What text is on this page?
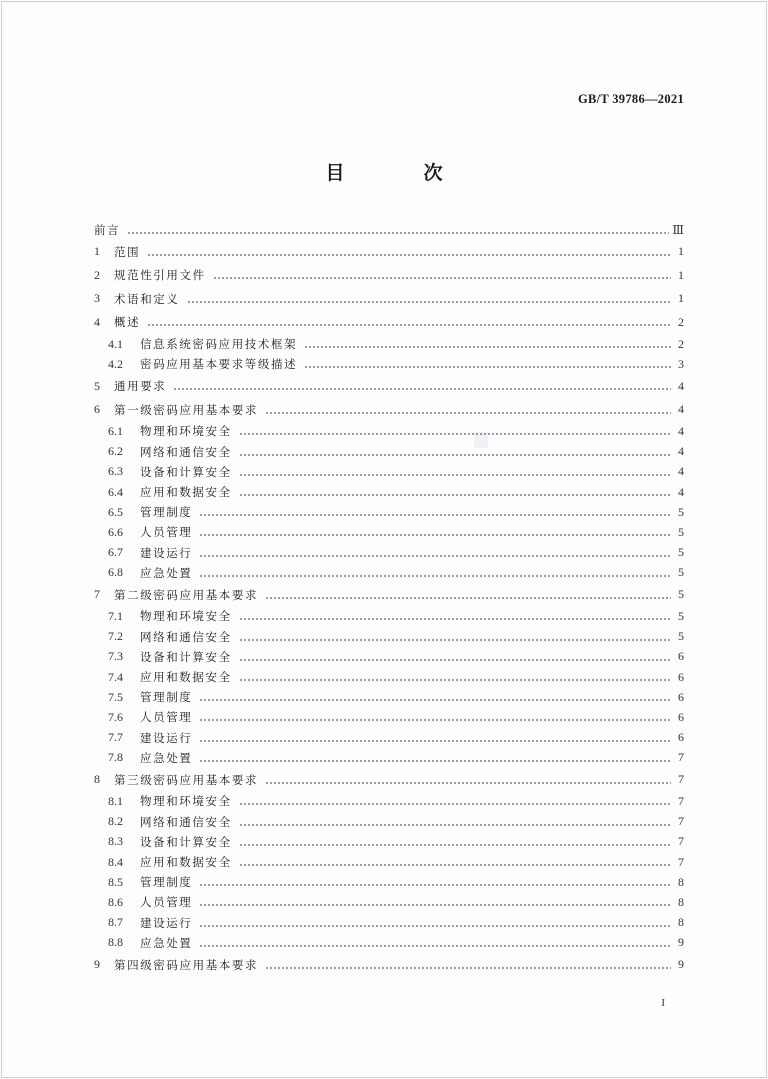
GB/T 39786—2021
目　次
前言	Ⅲ
1	范围	1
2	规范性引用文件	1
3	术语和定义	1
4	概述	2
4.1	信息系统密码应用技术框架	2
4.2	密码应用基本要求等级描述	3
5	通用要求	4
6	第一级密码应用基本要求	4
6.1	物理和环境安全	4
6.2	网络和通信安全	4
6.3	设备和计算安全	4
6.4	应用和数据安全	4
6.5	管理制度	5
6.6	人员管理	5
6.7	建设运行	5
6.8	应急处置	5
7	第二级密码应用基本要求	5
7.1	物理和环境安全	5
7.2	网络和通信安全	5
7.3	设备和计算安全	6
7.4	应用和数据安全	6
7.5	管理制度	6
7.6	人员管理	6
7.7	建设运行	6
7.8	应急处置	7
8	第三级密码应用基本要求	7
8.1	物理和环境安全	7
8.2	网络和通信安全	7
8.3	设备和计算安全	7
8.4	应用和数据安全	7
8.5	管理制度	8
8.6	人员管理	8
8.7	建设运行	8
8.8	应急处置	9
9	第四级密码应用基本要求	9
I
